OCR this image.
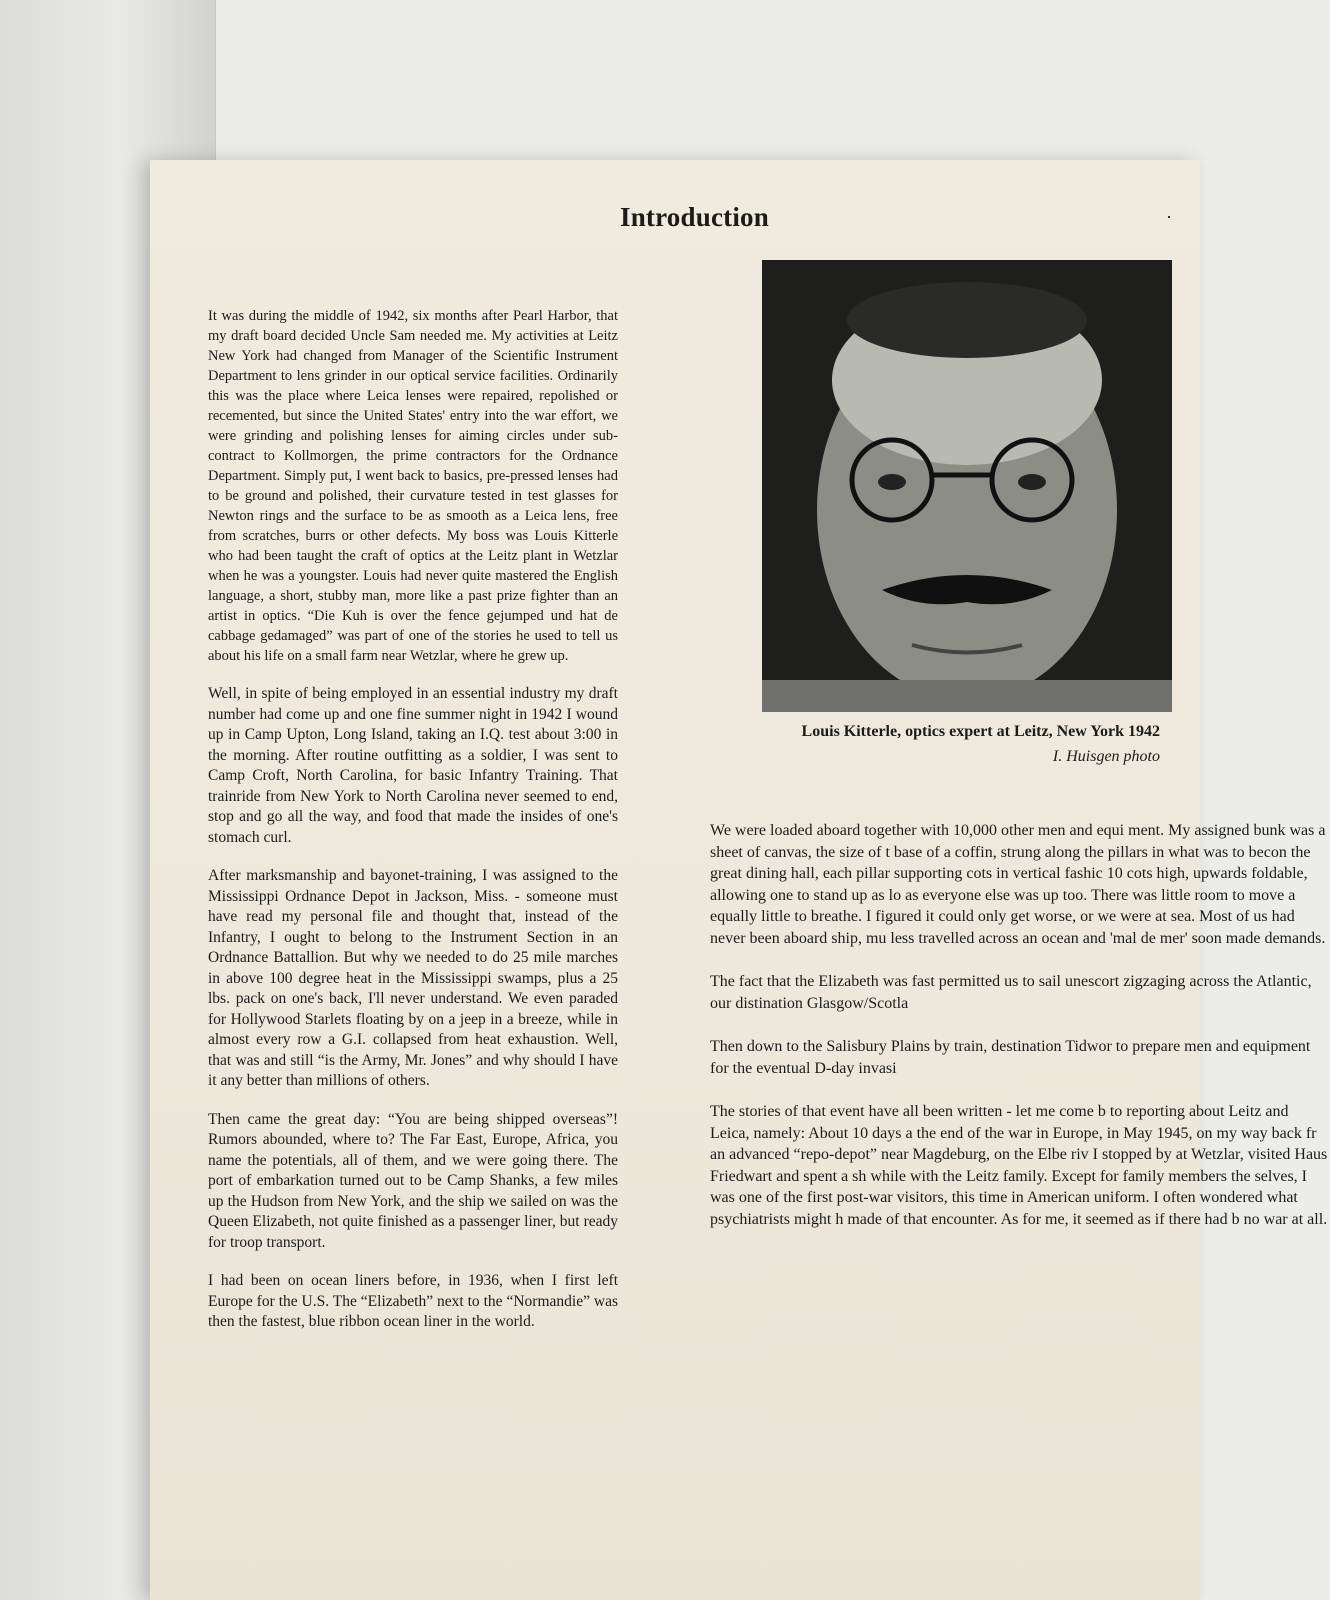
Introduction

It was during the middle of 1942, six months after Pearl Harbor, that my draft board decided Uncle Sam needed me. My activities at Leitz New York had changed from Manager of the Scientific Instrument Department to lens grinder in our optical service facilities. Ordinarily this was the place where Leica lenses were repaired, repolished or recemented, but since the United States' entry into the war effort, we were grinding and polishing lenses for aiming circles under sub-contract to Kollmorgen, the prime contractors for the Ordnance Department. Simply put, I went back to basics, pre-pressed lenses had to be ground and polished, their curvature tested in test glasses for Newton rings and the surface to be as smooth as a Leica lens, free from scratches, burrs or other defects. My boss was Louis Kitterle who had been taught the craft of optics at the Leitz plant in Wetzlar when he was a youngster. Louis had never quite mastered the English language, a short, stubby man, more like a past prize fighter than an artist in optics. “Die Kuh is over the fence gejumped und hat de cabbage gedamaged” was part of one of the stories he used to tell us about his life on a small farm near Wetzlar, where he grew up.

Well, in spite of being employed in an essential industry my draft number had come up and one fine summer night in 1942 I wound up in Camp Upton, Long Island, taking an I.Q. test about 3:00 in the morning. After routine outfitting as a soldier, I was sent to Camp Croft, North Carolina, for basic Infantry Training. That trainride from New York to North Carolina never seemed to end, stop and go all the way, and food that made the insides of one's stomach curl.

After marksmanship and bayonet-training, I was assigned to the Mississippi Ordnance Depot in Jackson, Miss. - someone must have read my personal file and thought that, instead of the Infantry, I ought to belong to the Instrument Section in an Ordnance Battallion. But why we needed to do 25 mile marches in above 100 degree heat in the Mississippi swamps, plus a 25 lbs. pack on one's back, I'll never understand. We even paraded for Hollywood Starlets floating by on a jeep in a breeze, while in almost every row a G.I. collapsed from heat exhaustion. Well, that was and still “is the Army, Mr. Jones” and why should I have it any better than millions of others.

Then came the great day: “You are being shipped overseas”! Rumors abounded, where to? The Far East, Europe, Africa, you name the potentials, all of them, and we were going there. The port of embarkation turned out to be Camp Shanks, a few miles up the Hudson from New York, and the ship we sailed on was the Queen Elizabeth, not quite finished as a passenger liner, but ready for troop transport.

I had been on ocean liners before, in 1936, when I first left Europe for the U.S. The “Elizabeth” next to the “Normandie” was then the fastest, blue ribbon ocean liner in the world.

Louis Kitterle, optics expert at Leitz, New York 1942
I. Huisgen photo

We were loaded aboard together with 10,000 other men and equi ment. My assigned bunk was a sheet of canvas, the size of t base of a coffin, strung along the pillars in what was to becon the great dining hall, each pillar supporting cots in vertical fashic 10 cots high, upwards foldable, allowing one to stand up as lo as everyone else was up too. There was little room to move a equally little to breathe. I figured it could only get worse, or we were at sea. Most of us had never been aboard ship, mu less travelled across an ocean and 'mal de mer' soon made demands.

The fact that the Elizabeth was fast permitted us to sail unescort zigzaging across the Atlantic, our distination Glasgow/Scotla

Then down to the Salisbury Plains by train, destination Tidwor to prepare men and equipment for the eventual D-day invasi

The stories of that event have all been written - let me come b to reporting about Leitz and Leica, namely: About 10 days a the end of the war in Europe, in May 1945, on my way back fr an advanced “repo-depot” near Magdeburg, on the Elbe riv I stopped by at Wetzlar, visited Haus Friedwart and spent a sh while with the Leitz family. Except for family members the selves, I was one of the first post-war visitors, this time in American uniform. I often wondered what psychiatrists might h made of that encounter. As for me, it seemed as if there had b no war at all.
